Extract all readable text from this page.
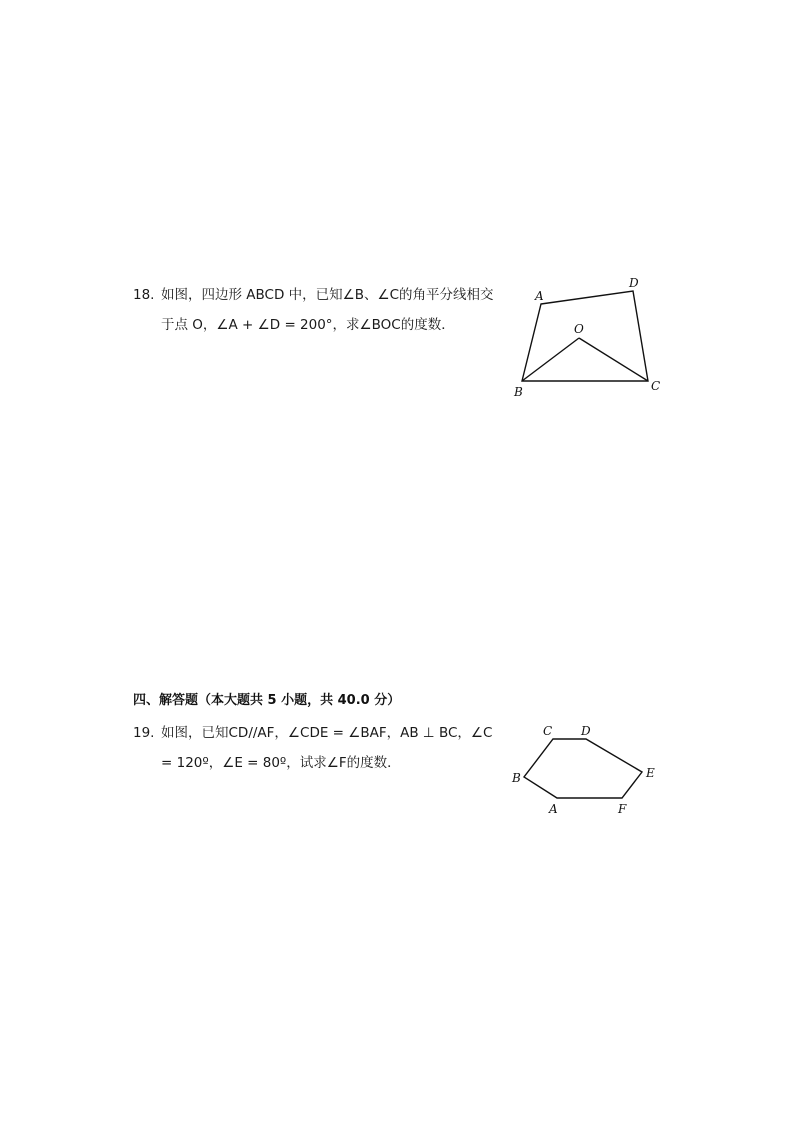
18. 如图，四边形 ABCD 中，已知∠B、∠C的角平分线相交
于点 O，∠A + ∠D = 200°，求∠BOC的度数．
A
D
O
B	C
四、解答题（本大题共 5 小题，共 40.0 分）
19. 如图，已知CD//AF，∠CDE = ∠BAF，AB ⊥ BC，∠C
= 120º，∠E = 80º，试求∠F的度数．
C D
E
B
A	F
